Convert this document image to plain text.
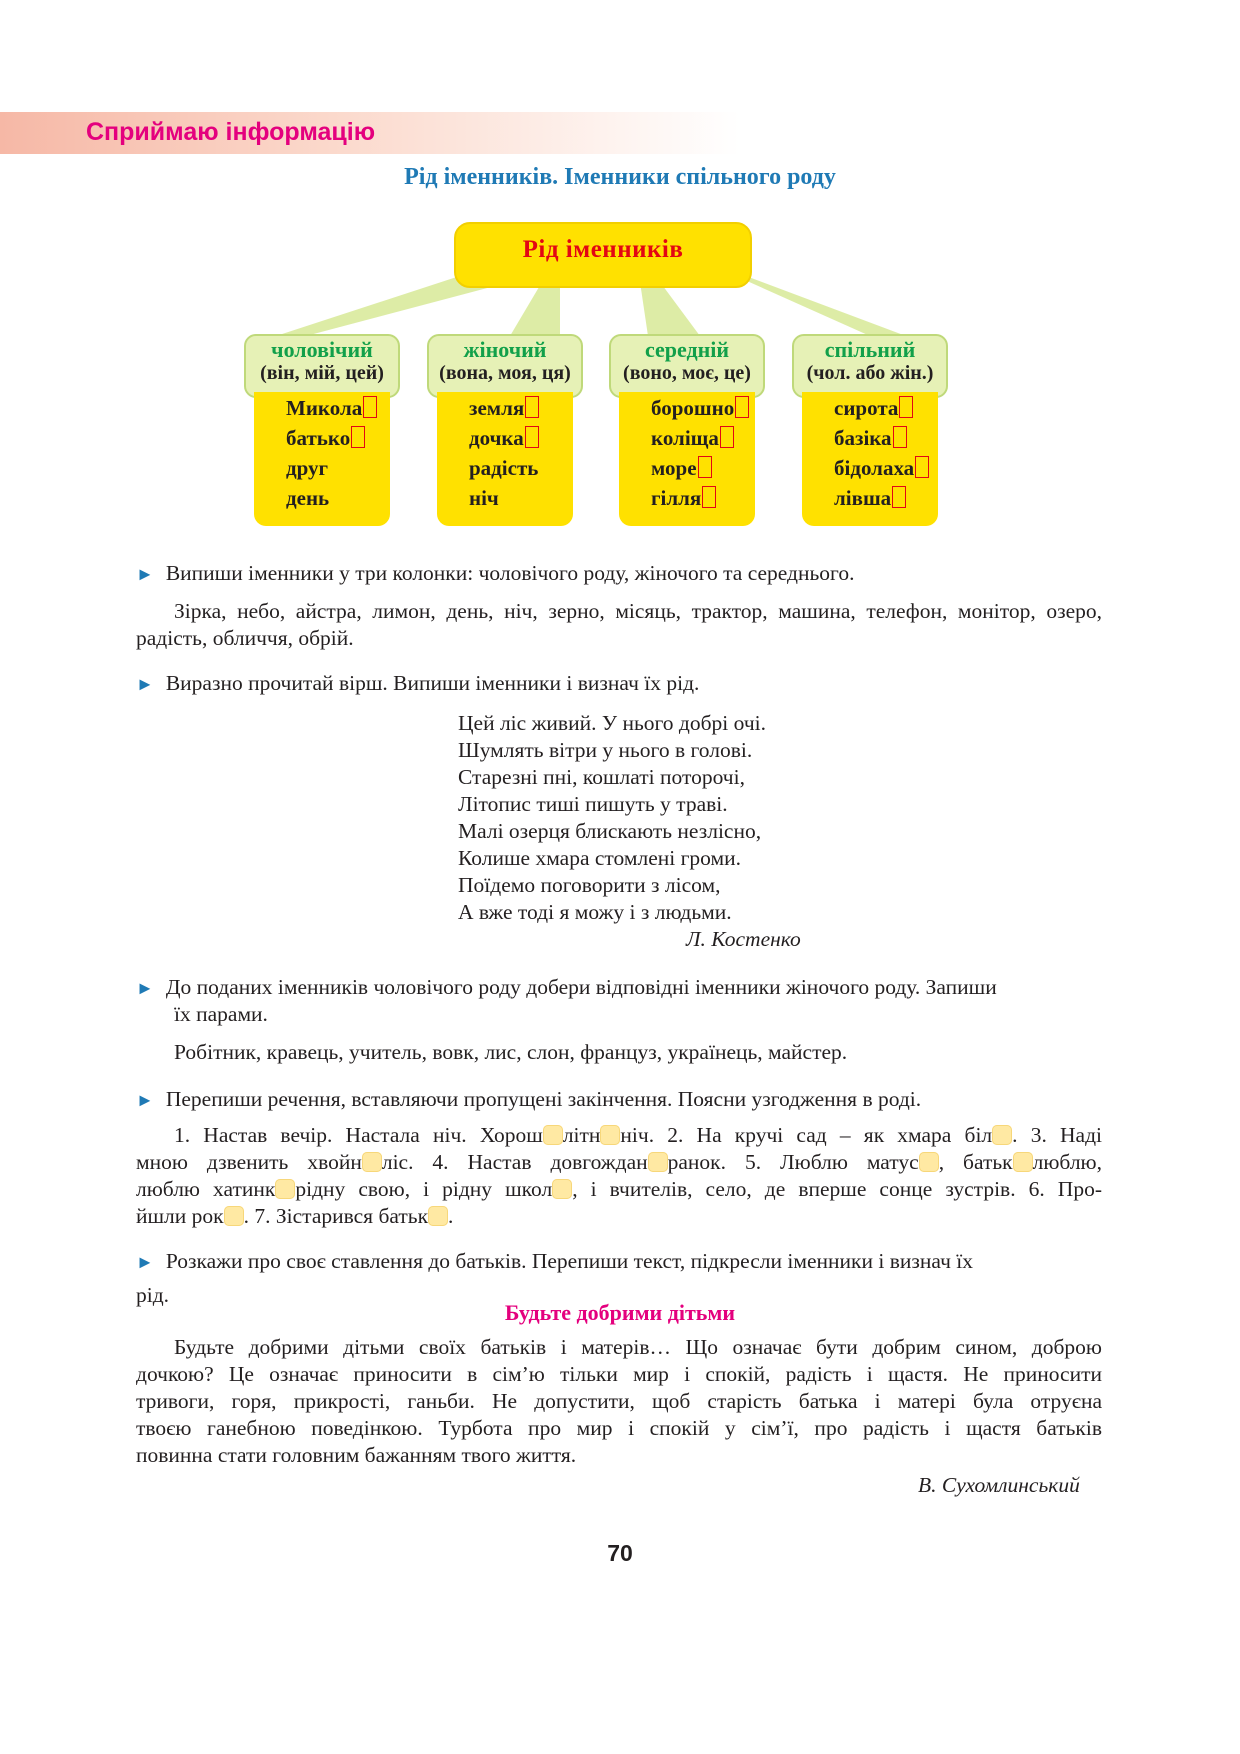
Сприймаю інформацію
Рід іменників. Іменники спільного роду
Рід іменників
чоловічий
(він, мій, цей)
Микола
батько
друг
день
жіночий
(вона, моя, ця)
земля
дочка
радість
ніч
середній
(воно, моє, це)
борошно
коліща
море
гілля
спільний
(чол. або жін.)
сирота
базіка
бідолаха
лівша
► Випиши іменники у три колонки: чоловічого роду, жіночого та середнього.
Зірка, небо, айстра, лимон, день, ніч, зерно, місяць, трактор, машина, телефон, монітор, озеро, радість, обличчя, обрій.
► Виразно прочитай вірш. Випиши іменники і визнач їх рід.
Цей ліс живий. У нього добрі очі.
Шумлять вітри у нього в голові.
Старезні пні, кошлаті поторочі,
Літопис тиші пишуть у траві.
Малі озерця блискають незлісно,
Колише хмара стомлені громи.
Поїдемо поговорити з лісом,
А вже тоді я можу і з людьми.
Л. Костенко
► До поданих іменників чоловічого роду добери відповідні іменники жіночого роду. Запиши
їх парами.
Робітник, кравець, учитель, вовк, лис, слон, француз, українець, майстер.
► Перепиши речення, вставляючи пропущені закінчення. Поясни узгодження в роді.
1. Настав вечір. Настала ніч. Хорош літн ніч. 2. На кручі сад – як хмара біл . 3. Наді
мною дзвенить хвойн ліс. 4. Настав довгождан ранок. 5. Люблю матус , батьк люблю,
люблю хатинк рідну свою, і рідну школ , і вчителів, село, де вперше сонце зустрів. 6. Про-
йшли рок . 7. Зістарився батьк .
► Розкажи про своє ставлення до батьків. Перепиши текст, підкресли іменники і визнач їх
рід.
Будьте добрими дітьми
Будьте добрими дітьми своїх батьків і матерів… Що означає бути добрим сином, доброю
дочкою? Це означає приносити в сім’ю тільки мир і спокій, радість і щастя. Не приносити
тривоги, горя, прикрості, ганьби. Не допустити, щоб старість батька і матері була отруєна
твоєю ганебною поведінкою. Турбота про мир і спокій у сім’ї, про радість і щастя батьків
повинна стати головним бажанням твого життя.
В. Сухомлинський
70
